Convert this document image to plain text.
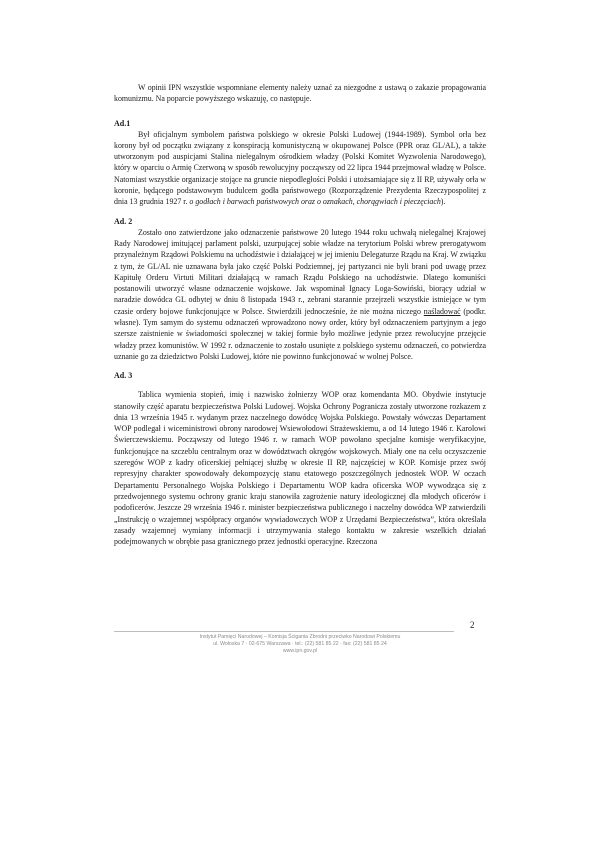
W opinii IPN wszystkie wspomniane elementy należy uznać za niezgodne z ustawą o zakazie propagowania komunizmu. Na poparcie powyższego wskazuję, co następuje.

Ad.1

Był oficjalnym symbolem państwa polskiego w okresie Polski Ludowej (1944-1989). Symbol orła bez korony był od początku związany z konspiracją komunistyczną w okupowanej Polsce (PPR oraz GL/AL), a także utworzonym pod auspicjami Stalina nielegalnym ośrodkiem władzy (Polski Komitet Wyzwolenia Narodowego), który w oparciu o Armię Czerwoną w sposób rewolucyjny począwszy od 22 lipca 1944 przejmował władzę w Polsce. Natomiast wszystkie organizacje stojące na gruncie niepodległości Polski i utożsamiające się z II RP, używały orła w koronie, będącego podstawowym budulcem godła państwowego (Rozporządzenie Prezydenta Rzeczypospolitej z dnia 13 grudnia 1927 r. o godłach i barwach państwowych oraz o oznakach, chorągwiach i pieczęciach).

Ad. 2

Zostało ono zatwierdzone jako odznaczenie państwowe 20 lutego 1944 roku uchwałą nielegalnej Krajowej Rady Narodowej imitującej parlament polski, uzurpującej sobie władze na terytorium Polski wbrew prerogatywom przynależnym Rządowi Polskiemu na uchodźstwie i działającej w jej imieniu Delegaturze Rządu na Kraj. W związku z tym, że GL/AL nie uznawana była jako część Polski Podziemnej, jej partyzanci nie byli brani pod uwagę przez Kapitułę Orderu Virtuti Militari działającą w ramach Rządu Polskiego na uchodźstwie. Dlatego komuniści postanowili utworzyć własne odznaczenie wojskowe. Jak wspominał Ignacy Loga-Sowiński, biorący udział w naradzie dowódca GL odbytej w dniu 8 listopada 1943 r., zebrani starannie przejrzeli wszystkie istniejące w tym czasie ordery bojowe funkcjonujące w Polsce. Stwierdzili jednocześnie, że nie można niczego naśladować (podkr. własne). Tym samym do systemu odznaczeń wprowadzono nowy order, który był odznaczeniem partyjnym a jego szersze zaistnienie w świadomości społecznej w takiej formie było możliwe jedynie przez rewolucyjne przejęcie władzy przez komunistów. W 1992 r. odznaczenie to zostało usunięte z polskiego systemu odznaczeń, co potwierdza uznanie go za dziedzictwo Polski Ludowej, które nie powinno funkcjonować w wolnej Polsce.

Ad. 3

Tablica wymienia stopień, imię i nazwisko żołnierzy WOP oraz komendanta MO. Obydwie instytucje stanowiły część aparatu bezpieczeństwa Polski Ludowej. Wojska Ochrony Pogranicza zostały utworzone rozkazem z dnia 13 września 1945 r. wydanym przez naczelnego dowódcę Wojska Polskiego. Powstały wówczas Departament WOP podlegał i wiceministrowi obrony narodowej Wsiewołodowi Strażewskiemu, a od 14 lutego 1946 r. Karolowi Świerczewskiemu. Począwszy od lutego 1946 r. w ramach WOP powołano specjalne komisje weryfikacyjne, funkcjonujące na szczeblu centralnym oraz w dowództwach okręgów wojskowych. Miały one na celu oczyszczenie szeregów WOP z kadry oficerskiej pełniącej służbę w okresie II RP, najczęściej w KOP. Komisje przez swój represyjny charakter spowodowały dekompozycję stanu etatowego poszczególnych jednostek WOP. W oczach Departamentu Personalnego Wojska Polskiego i Departamentu WOP kadra oficerska WOP wywodząca się z przedwojennego systemu ochrony granic kraju stanowiła zagrożenie natury ideologicznej dla młodych oficerów i podoficerów. Jeszcze 29 września 1946 r. minister bezpieczeństwa publicznego i naczelny dowódca WP zatwierdzili „Instrukcję o wzajemnej współpracy organów wywiadowczych WOP z Urzędami Bezpieczeństwa”, która określała zasady wzajemnej wymiany informacji i utrzymywania stałego kontaktu w zakresie wszelkich działań podejmowanych w obrębie pasa granicznego przez jednostki operacyjne. Rzeczona

2
Instytut Pamięci Narodowej – Komisja Ścigania Zbrodni przeciwko Narodowi Polskiemu
ul. Wołoska 7 · 02-675 Warszawa · tel.: (22) 581 85 22 · fax: (22) 581 85 24
www.ipn.gov.pl
